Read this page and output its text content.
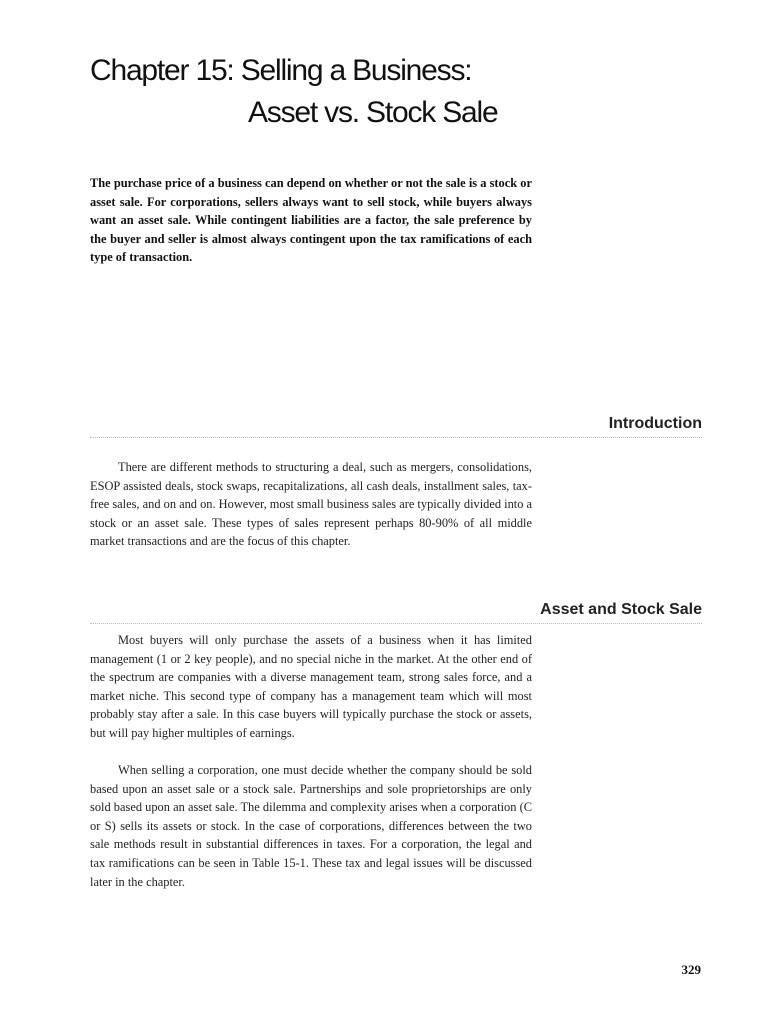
Chapter 15: Selling a Business:
Asset vs. Stock Sale

The purchase price of a business can depend on whether or not the sale is a stock or asset sale. For corporations, sellers always want to sell stock, while buyers always want an asset sale. While contingent liabilities are a factor, the sale preference by the buyer and seller is almost always contingent upon the tax ramifications of each type of transaction.

Introduction

There are different methods to structuring a deal, such as mergers, consolidations, ESOP assisted deals, stock swaps, recapitalizations, all cash deals, installment sales, tax-free sales, and on and on. However, most small business sales are typically divided into a stock or an asset sale. These types of sales represent perhaps 80-90% of all middle market transactions and are the focus of this chapter.

Asset and Stock Sale

Most buyers will only purchase the assets of a business when it has limited management (1 or 2 key people), and no special niche in the market. At the other end of the spectrum are companies with a diverse management team, strong sales force, and a market niche. This second type of company has a management team which will most probably stay after a sale. In this case buyers will typically purchase the stock or assets, but will pay higher multiples of earnings.

When selling a corporation, one must decide whether the company should be sold based upon an asset sale or a stock sale. Partnerships and sole proprietorships are only sold based upon an asset sale. The dilemma and complexity arises when a corporation (C or S) sells its assets or stock. In the case of corporations, differences between the two sale methods result in substantial differences in taxes. For a corporation, the legal and tax ramifications can be seen in Table 15-1. These tax and legal issues will be discussed later in the chapter.

329
